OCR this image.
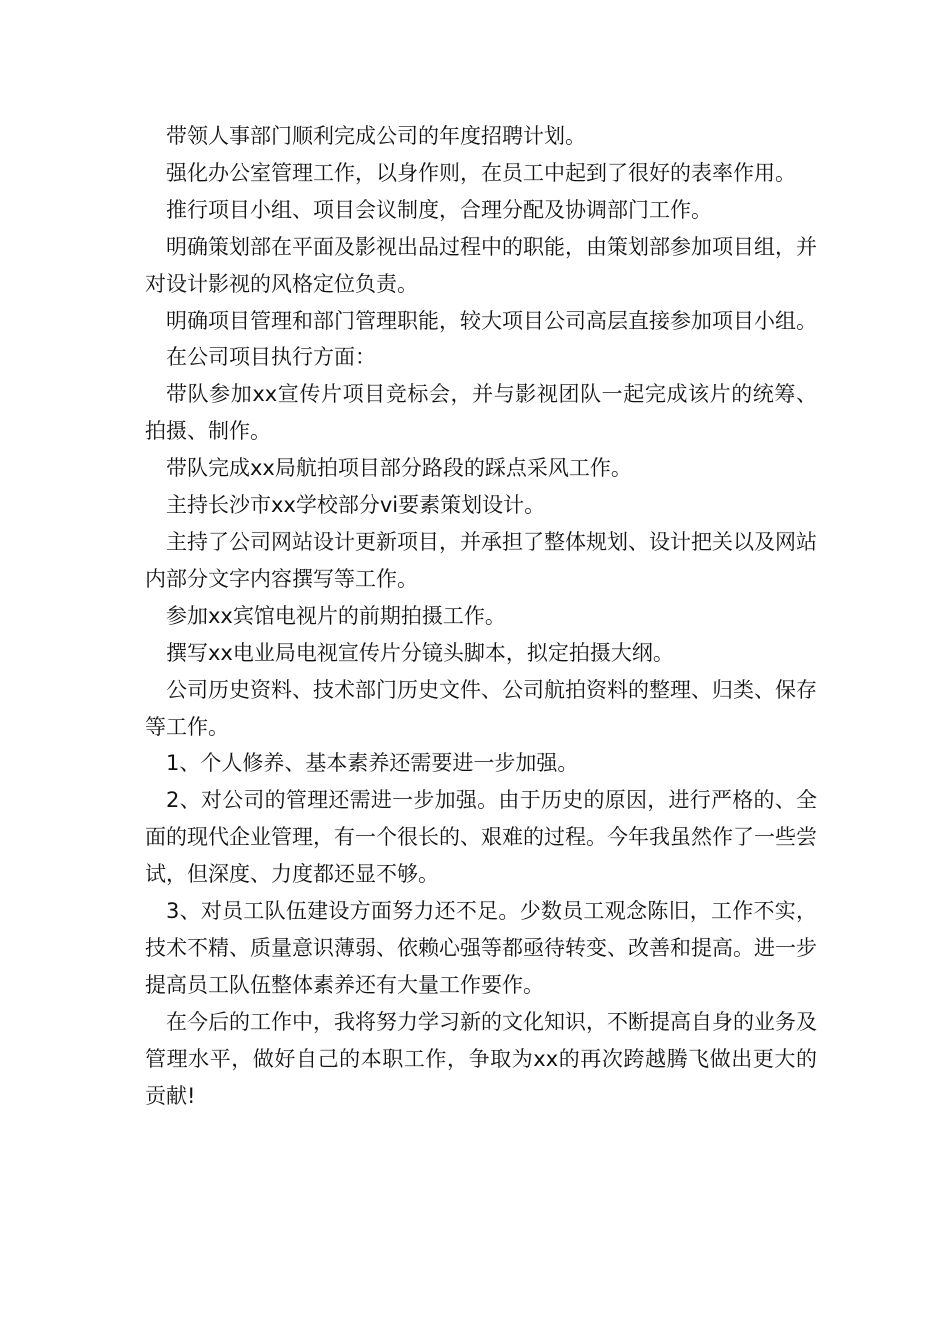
带领人事部门顺利完成公司的年度招聘计划。

强化办公室管理工作，以身作则，在员工中起到了很好的表率作用。

推行项目小组、项目会议制度，合理分配及协调部门工作。

明确策划部在平面及影视出品过程中的职能，由策划部参加项目组，并对设计影视的风格定位负责。

明确项目管理和部门管理职能，较大项目公司高层直接参加项目小组。

在公司项目执行方面：

带队参加xx宣传片项目竞标会，并与影视团队一起完成该片的统筹、拍摄、制作。

带队完成xx局航拍项目部分路段的踩点采风工作。

主持长沙市xx学校部分vi要素策划设计。

主持了公司网站设计更新项目，并承担了整体规划、设计把关以及网站内部分文字内容撰写等工作。

参加xx宾馆电视片的前期拍摄工作。

撰写xx电业局电视宣传片分镜头脚本，拟定拍摄大纲。

公司历史资料、技术部门历史文件、公司航拍资料的整理、归类、保存等工作。

1、个人修养、基本素养还需要进一步加强。

2、对公司的管理还需进一步加强。由于历史的原因，进行严格的、全面的现代企业管理，有一个很长的、艰难的过程。今年我虽然作了一些尝试，但深度、力度都还显不够。

3、对员工队伍建设方面努力还不足。少数员工观念陈旧，工作不实，技术不精、质量意识薄弱、依赖心强等都亟待转变、改善和提高。进一步提高员工队伍整体素养还有大量工作要作。

在今后的工作中，我将努力学习新的文化知识，不断提高自身的业务及管理水平，做好自己的本职工作，争取为xx的再次跨越腾飞做出更大的贡献!
